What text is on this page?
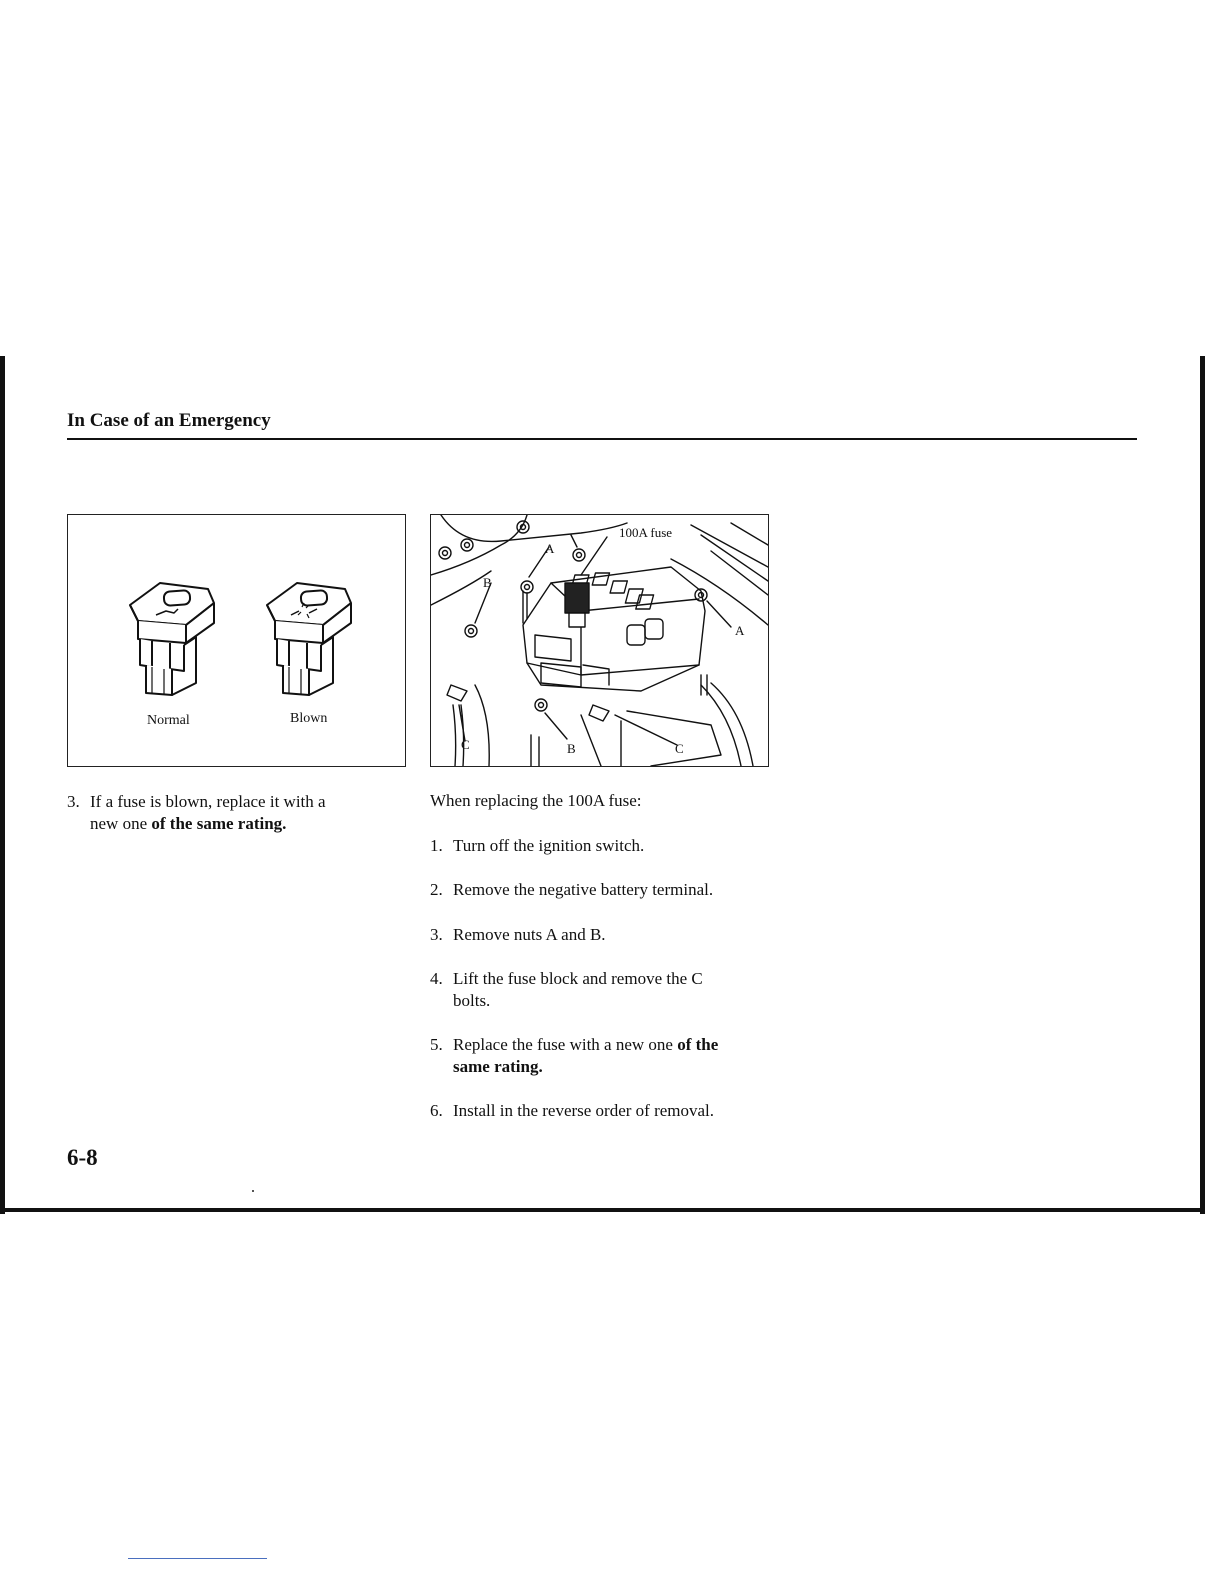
In Case of an Emergency
Normal	Blown
100A fuse
A
A
B
B
C	C
3. If a fuse is blown, replace it with a
new one of the same rating.
When replacing the 100A fuse:
1. Turn off the ignition switch.
2. Remove the negative battery terminal.
3. Remove nuts A and B.
4. Lift the fuse block and remove the C
bolts.
5. Replace the fuse with a new one of the
same rating.
6. Install in the reverse order of removal.
6-8
